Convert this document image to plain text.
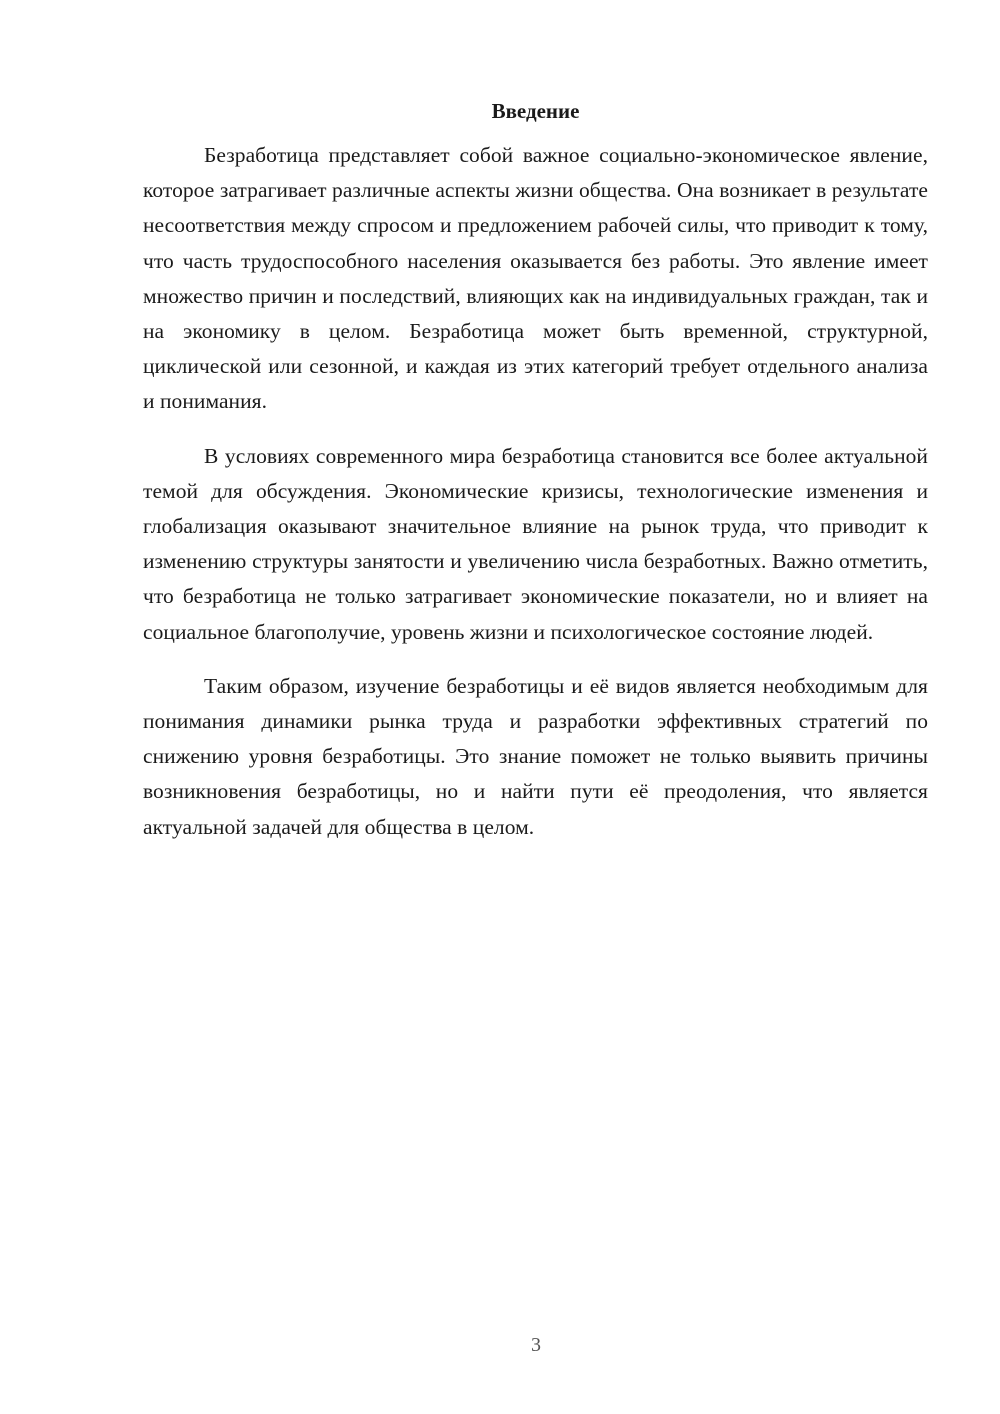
Введение

Безработица представляет собой важное социально-экономическое явление, которое затрагивает различные аспекты жизни общества. Она возникает в результате несоответствия между спросом и предложением рабочей силы, что приводит к тому, что часть трудоспособного населения оказывается без работы. Это явление имеет множество причин и последствий, влияющих как на индивидуальных граждан, так и на экономику в целом. Безработица может быть временной, структурной, циклической или сезонной, и каждая из этих категорий требует отдельного анализа и понимания.

В условиях современного мира безработица становится все более актуальной темой для обсуждения. Экономические кризисы, технологические изменения и глобализация оказывают значительное влияние на рынок труда, что приводит к изменению структуры занятости и увеличению числа безработных. Важно отметить, что безработица не только затрагивает экономические показатели, но и влияет на социальное благополучие, уровень жизни и психологическое состояние людей.

Таким образом, изучение безработицы и её видов является необходимым для понимания динамики рынка труда и разработки эффективных стратегий по снижению уровня безработицы. Это знание поможет не только выявить причины возникновения безработицы, но и найти пути её преодоления, что является актуальной задачей для общества в целом.

3
